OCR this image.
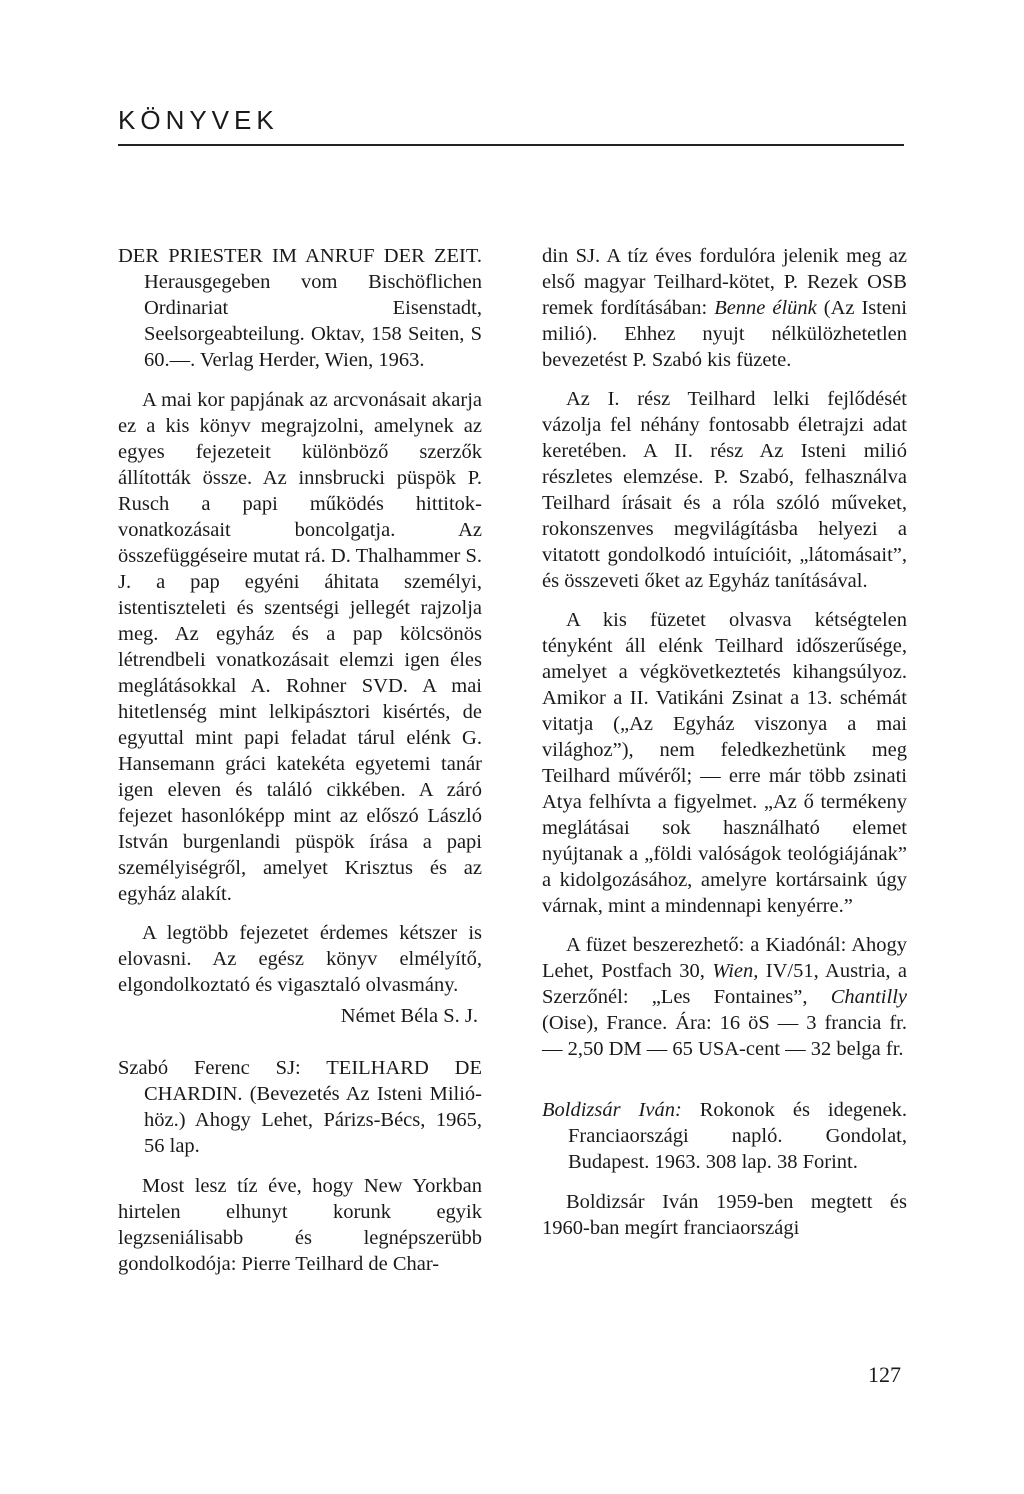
KÖNYVEK

DER PRIESTER IM ANRUF DER ZEIT. Herausgegeben vom Bischöflichen Ordinariat Eisenstadt, Seelsorgeabteilung. Oktav, 158 Seiten, S 60.—. Verlag Herder, Wien, 1963.

A mai kor papjának az arcvonásait akarja ez a kis könyv megrajzolni, amelynek az egyes fejezeteit különböző szerzők állították össze. Az innsbrucki püspök P. Rusch a papi működés hittitok-vonatkozásait boncolgatja. Az összefüggéseire mutat rá. D. Thalhammer S. J. a pap egyéni áhitata személyi, istentiszteleti és szentségi jellegét rajzolja meg. Az egyház és a pap kölcsönös létrendbeli vonatkozásait elemzi igen éles meglátásokkal A. Rohner SVD. A mai hitetlenség mint lelkipásztori kisértés, de egyuttal mint papi feladat tárul elénk G. Hansemann gráci katekéta egyetemi tanár igen eleven és találó cikkében. A záró fejezet hasonlóképp mint az előszó László István burgenlandi püspök írása a papi személyiségről, amelyet Krisztus és az egyház alakít.

A legtöbb fejezetet érdemes kétszer is elovasni. Az egész könyv elmélyítő, elgondolkoztató és vigasztaló olvasmány.

Német Béla S. J.

Szabó Ferenc SJ: TEILHARD DE CHARDIN. (Bevezetés Az Isteni Milió-höz.) Ahogy Lehet, Párizs-Bécs, 1965, 56 lap.

Most lesz tíz éve, hogy New Yorkban hirtelen elhunyt korunk egyik legzseniálisabb és legnépszerübb gondolkodója: Pierre Teilhard de Char-

din SJ. A tíz éves fordulóra jelenik meg az első magyar Teilhard-kötet, P. Rezek OSB remek fordításában: Benne élünk (Az Isteni milió). Ehhez nyujt nélkülözhetetlen bevezetést P. Szabó kis füzete.

Az I. rész Teilhard lelki fejlődését vázolja fel néhány fontosabb életrajzi adat keretében. A II. rész Az Isteni milió részletes elemzése. P. Szabó, felhasználva Teilhard írásait és a róla szóló műveket, rokonszenves megvilágításba helyezi a vitatott gondolkodó intuícióit, „látomásait”, és összeveti őket az Egyház tanításával.

A kis füzetet olvasva kétségtelen tényként áll elénk Teilhard időszerűsége, amelyet a végkövetkeztetés kihangsúlyoz. Amikor a II. Vatikáni Zsinat a 13. schémát vitatja („Az Egyház viszonya a mai világhoz”), nem feledkezhetünk meg Teilhard művéről; — erre már több zsinati Atya felhívta a figyelmet. „Az ő termékeny meglátásai sok használható elemet nyújtanak a „földi valóságok teológiájának” a kidolgozásához, amelyre kortársaink úgy várnak, mint a mindennapi kenyérre.”

A füzet beszerezhető: a Kiadónál: Ahogy Lehet, Postfach 30, Wien, IV/51, Austria, a Szerzőnél: „Les Fontaines”, Chantilly (Oise), France. Ára: 16 öS — 3 francia fr. — 2,50 DM — 65 USA-cent — 32 belga fr.

Boldizsár Iván: Rokonok és idegenek. Franciaországi napló. Gondolat, Budapest. 1963. 308 lap. 38 Forint.

Boldizsár Iván 1959-ben megtett és 1960-ban megírt franciaországi

127
